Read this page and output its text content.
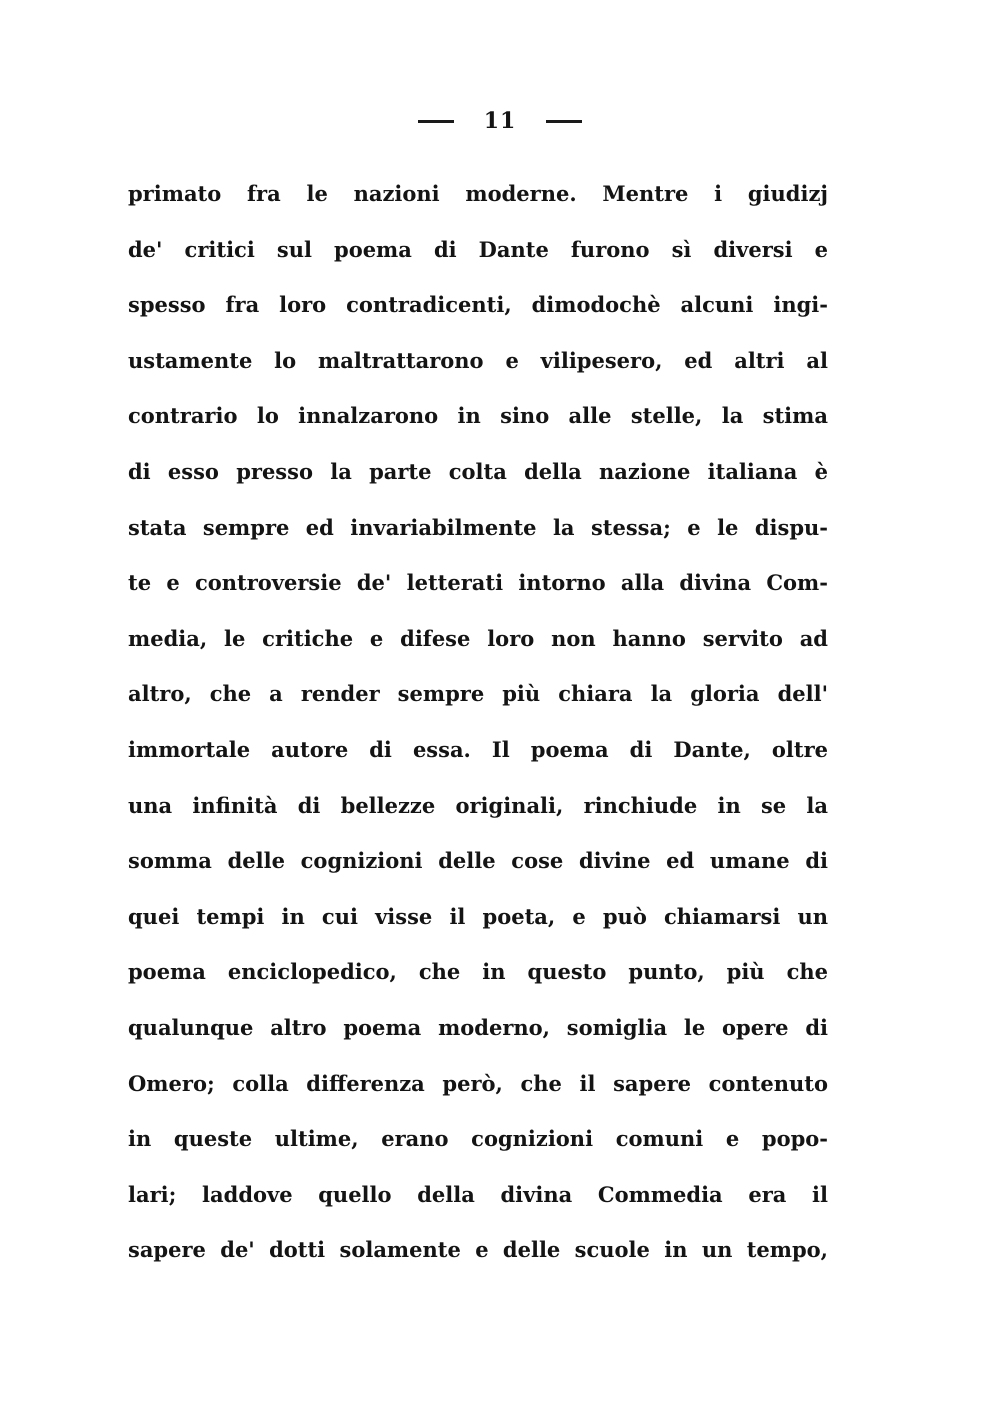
11
primato fra le nazioni moderne. Mentre i giudizj
de' critici sul poema di Dante furono sì diversi e
spesso fra loro contradicenti, dimodochè alcuni ingi-
ustamente lo maltrattarono e vilipesero, ed altri al
contrario lo innalzarono in sino alle stelle, la stima
di esso presso la parte colta della nazione italiana è
stata sempre ed invariabilmente la stessa; e le dispu-
te e controversie de' letterati intorno alla divina Com-
media, le critiche e difese loro non hanno servito ad
altro, che a render sempre più chiara la gloria dell'
immortale autore di essa. Il poema di Dante, oltre
una infinità di bellezze originali, rinchiude in se la
somma delle cognizioni delle cose divine ed umane di
quei tempi in cui visse il poeta, e può chiamarsi un
poema enciclopedico, che in questo punto, più che
qualunque altro poema moderno, somiglia le opere di
Omero; colla differenza però, che il sapere contenuto
in queste ultime, erano cognizioni comuni e popo-
lari; laddove quello della divina Commedia era il
sapere de' dotti solamente e delle scuole in un tempo,
